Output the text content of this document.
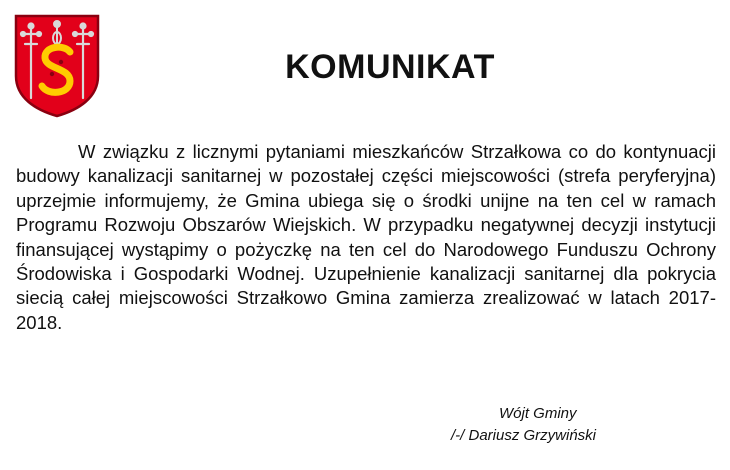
KOMUNIKAT

W związku z licznymi pytaniami mieszkańców Strzałkowa co do kontynuacji budowy kanalizacji sanitarnej w pozostałej części miejscowości (strefa peryferyjna) uprzejmie informujemy, że Gmina ubiega się o środki unijne na ten cel w ramach Programu Rozwoju Obszarów Wiejskich. W przypadku negatywnej decyzji instytucji finansującej wystąpimy o pożyczkę na ten cel do Narodowego Funduszu Ochrony Środowiska i Gospodarki Wodnej. Uzupełnienie kanalizacji sanitarnej dla pokrycia siecią całej miejscowości Strzałkowo Gmina zamierza zrealizować w latach 2017-2018.

Wójt Gminy
/-/ Dariusz Grzywiński
